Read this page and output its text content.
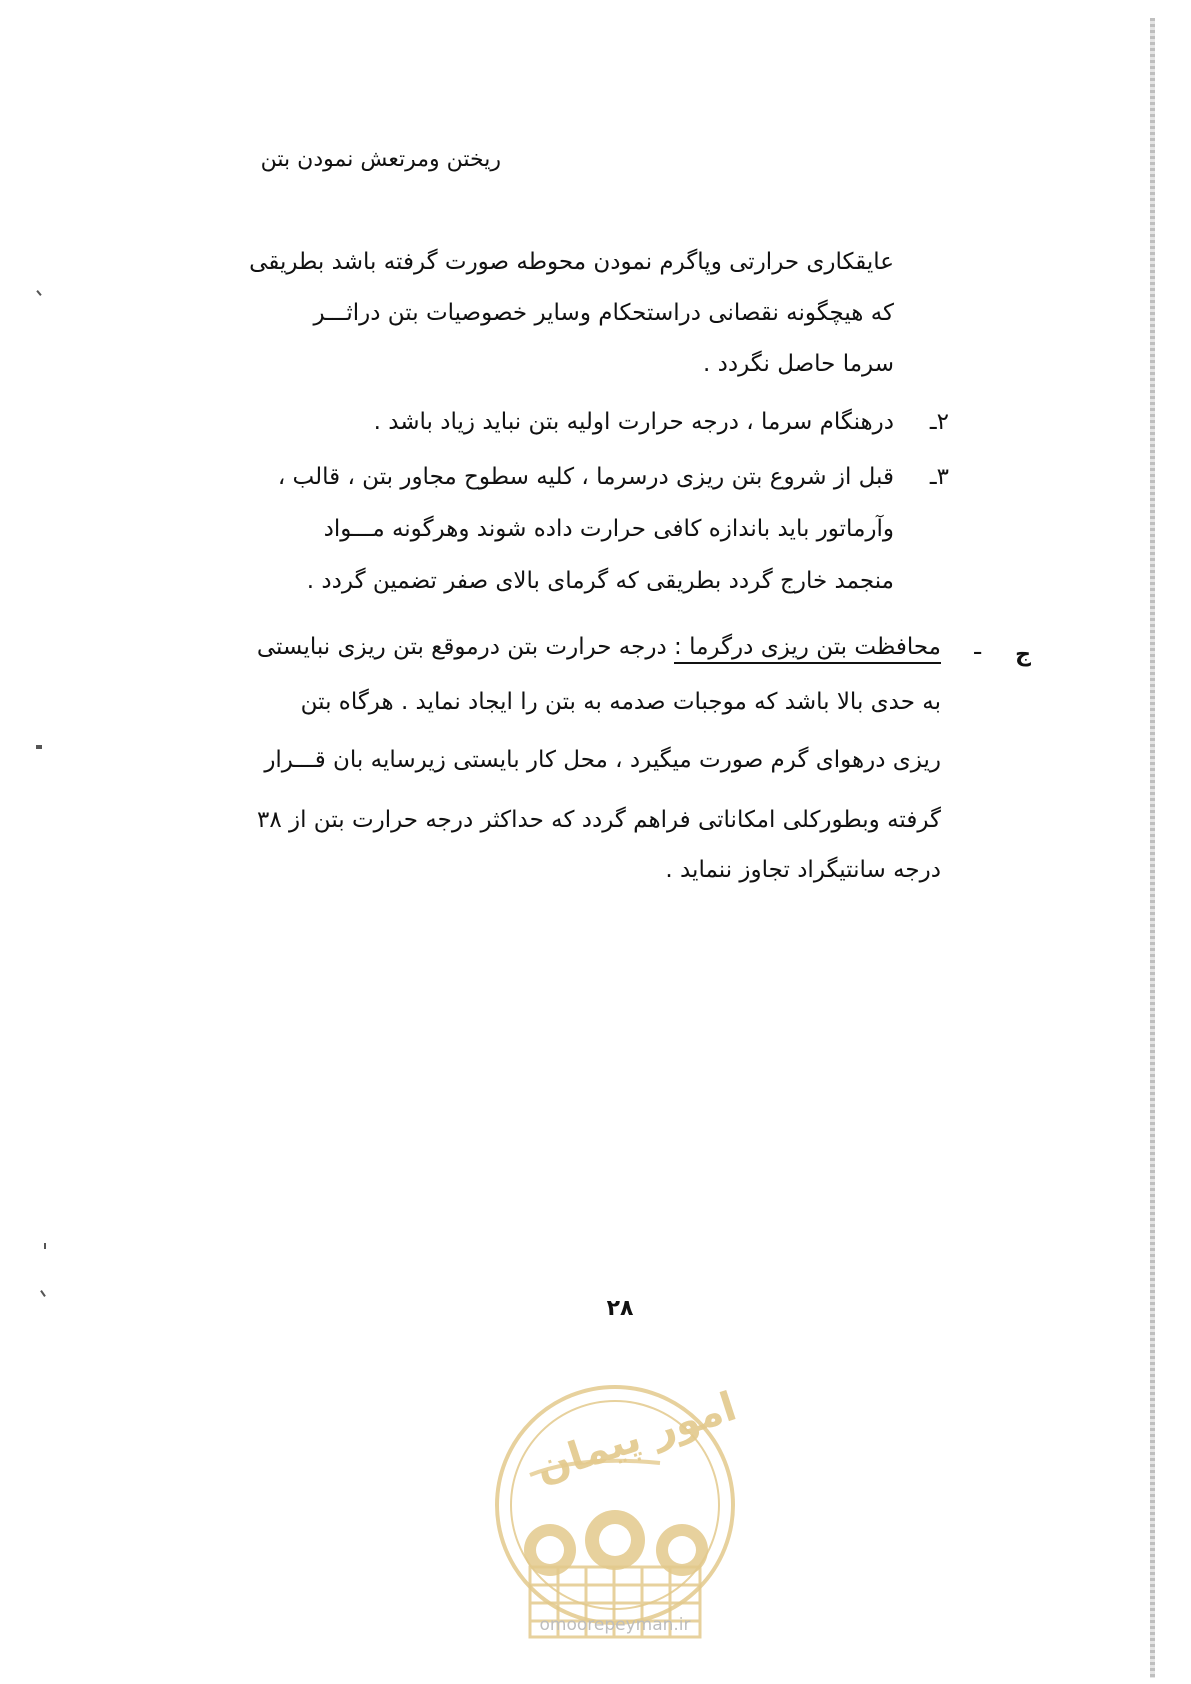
ریختن ومرتعش نمودن بتن
عایقکاری حرارتی وپاگرم نمودن محوطه صورت گرفته باشد بطریقی
که هیچگونه نقصانی دراستحکام وسایر خصوصیات بتن دراثـــر
سرما حاصل نگردد .
۲ـ
درهنگام سرما ، درجه حرارت اولیه بتن نباید زیاد باشد .
۳ـ
قبل از شروع بتن ریزی درسرما ، کلیه سطوح مجاور بتن ، قالب ،
وآرماتور باید باندازه کافی حرارت داده شوند وهرگونه مـــواد
منجمد خارج گردد بطریقی که گرمای بالای صفر تضمین گردد .
ج
ـ
محافظت بتن ریزی درگرما : درجه حرارت بتن درموقع بتن ریزی نبایستی
به حدی بالا باشد که موجبات صدمه به بتن را ایجاد نماید . هرگاه بتن
ریزی درهوای گرم صورت میگیرد ، محل کار بایستی زیرسایه بان قـــرار
گرفته وبطورکلی امکاناتی فراهم گردد که حداکثر درجه حرارت بتن از ۳۸
درجه سانتیگراد تجاوز ننماید .
۲۸
امور پیمان
omoorepeyman.ir
